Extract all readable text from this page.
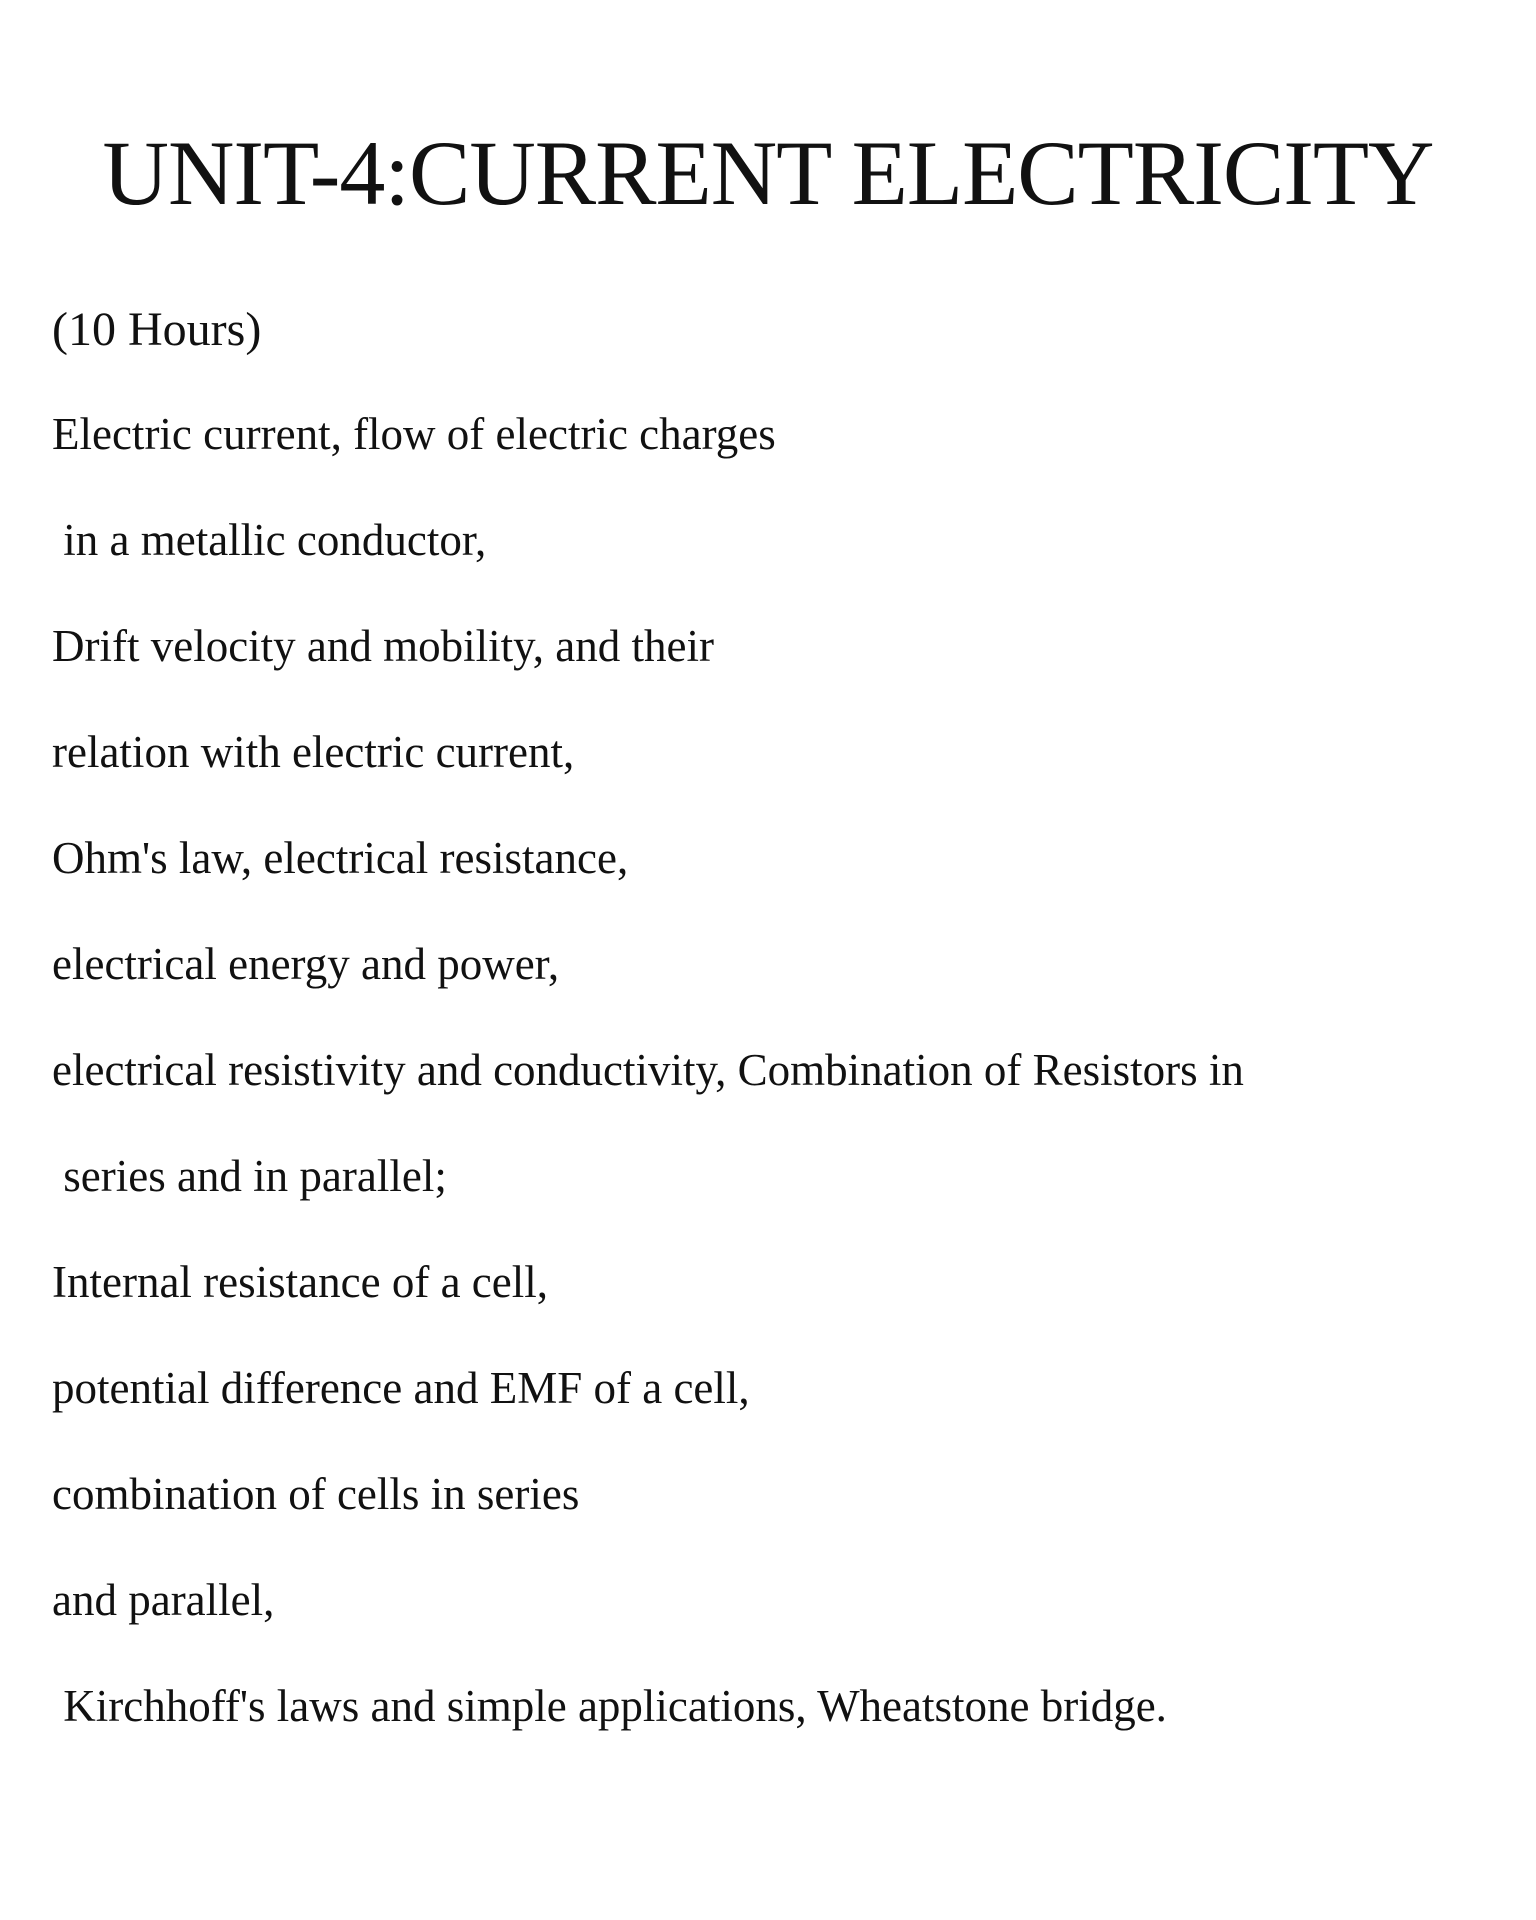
UNIT-4:CURRENT ELECTRICITY

(10 Hours)

Electric current, flow of electric charges
in a metallic conductor,
Drift velocity and mobility, and their
relation with electric current,
Ohm's law, electrical resistance,
electrical energy and power,
electrical resistivity and conductivity, Combination of Resistors in
series and in parallel;
Internal resistance of a cell,
potential difference and EMF of a cell,
combination of cells in series
and parallel,
Kirchhoff's laws and simple applications, Wheatstone bridge.
